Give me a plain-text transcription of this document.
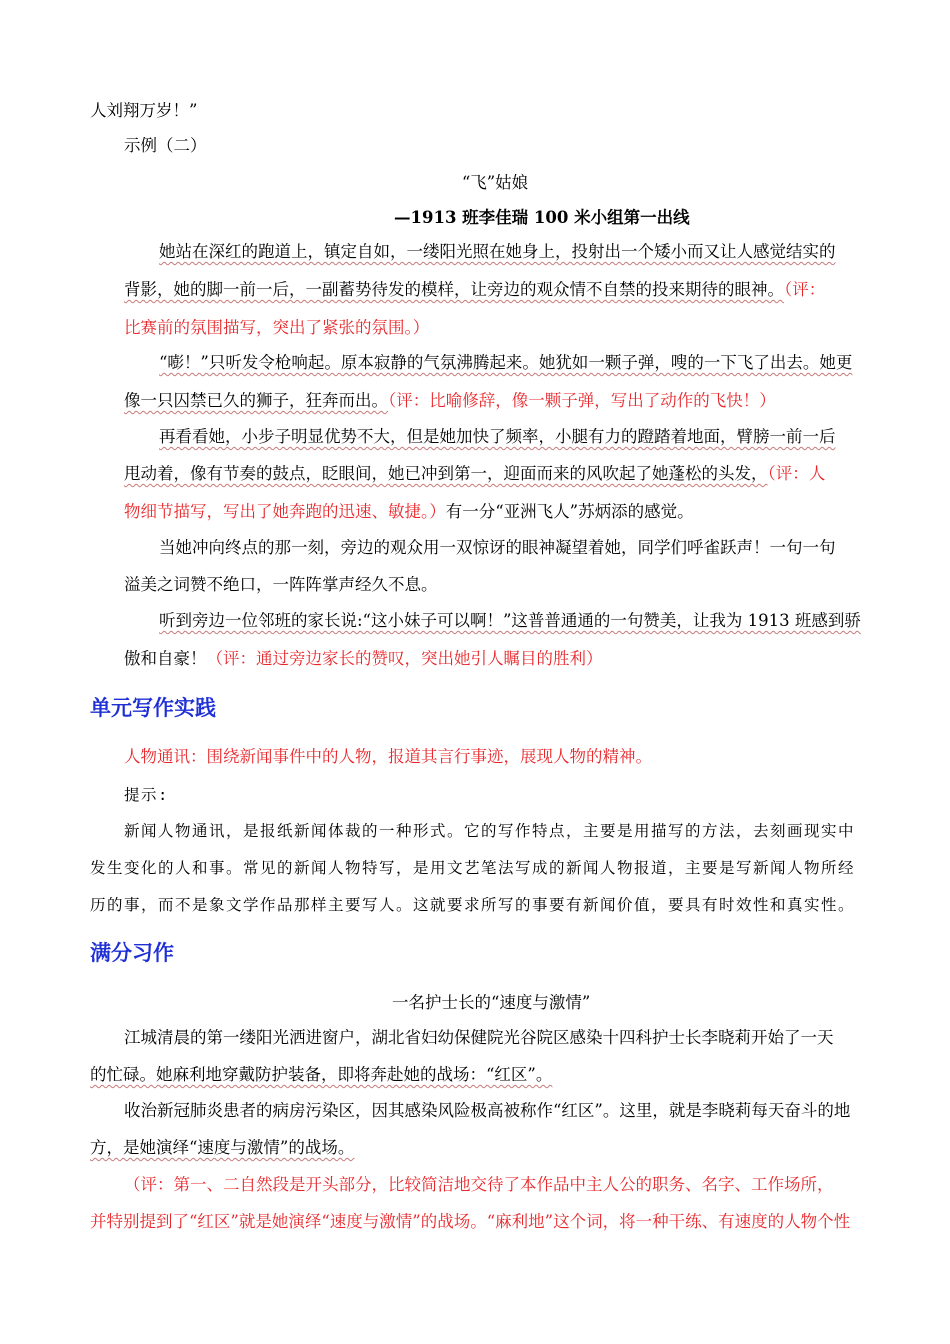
人刘翔万岁！”
示例（二）
“飞”姑娘
—1913 班李佳瑞 100 米小组第一出线
她站在深红的跑道上，镇定自如，一缕阳光照在她身上，投射出一个矮小而又让人感觉结实的
背影，她的脚一前一后，一副蓄势待发的模样，让旁边的观众情不自禁的投来期待的眼神。（评：
比赛前的氛围描写，突出了紧张的氛围。）
“嘭！”只听发令枪响起。原本寂静的气氛沸腾起来。她犹如一颗子弹，嗖的一下飞了出去。她更
像一只囚禁已久的狮子，狂奔而出。（评：比喻修辞，像一颗子弹，写出了动作的飞快！）
再看看她，小步子明显优势不大，但是她加快了频率，小腿有力的蹬踏着地面，臂膀一前一后
甩动着，像有节奏的鼓点，眨眼间，她已冲到第一，迎面而来的风吹起了她蓬松的头发，（评：人
物细节描写，写出了她奔跑的迅速、敏捷。）有一分“亚洲飞人”苏炳添的感觉。
当她冲向终点的那一刻，旁边的观众用一双惊讶的眼神凝望着她，同学们呼雀跃声！一句一句
溢美之词赞不绝口，一阵阵掌声经久不息。
听到旁边一位邻班的家长说:“这小妹子可以啊！”这普普通通的一句赞美，让我为 1913 班感到骄
傲和自豪！（评：通过旁边家长的赞叹，突出她引人瞩目的胜利）
单元写作实践
人物通讯：围绕新闻事件中的人物，报道其言行事迹，展现人物的精神。
提示:
新闻人物通讯，是报纸新闻体裁的一种形式。它的写作特点，主要是用描写的方法，去刻画现实中
发生变化的人和事。常见的新闻人物特写，是用文艺笔法写成的新闻人物报道，主要是写新闻人物所经
历的事，而不是象文学作品那样主要写人。这就要求所写的事要有新闻价值，要具有时效性和真实性。
满分习作
一名护士长的“速度与激情”
江城清晨的第一缕阳光洒进窗户，湖北省妇幼保健院光谷院区感染十四科护士长李晓莉开始了一天
的忙碌。她麻利地穿戴防护装备，即将奔赴她的战场：“红区”。
收治新冠肺炎患者的病房污染区，因其感染风险极高被称作“红区”。这里，就是李晓莉每天奋斗的地
方，是她演绎“速度与激情”的战场。
（评：第一、二自然段是开头部分，比较简洁地交待了本作品中主人公的职务、名字、工作场所，
并特别提到了“红区”就是她演绎“速度与激情”的战场。“麻利地”这个词，将一种干练、有速度的人物个性
